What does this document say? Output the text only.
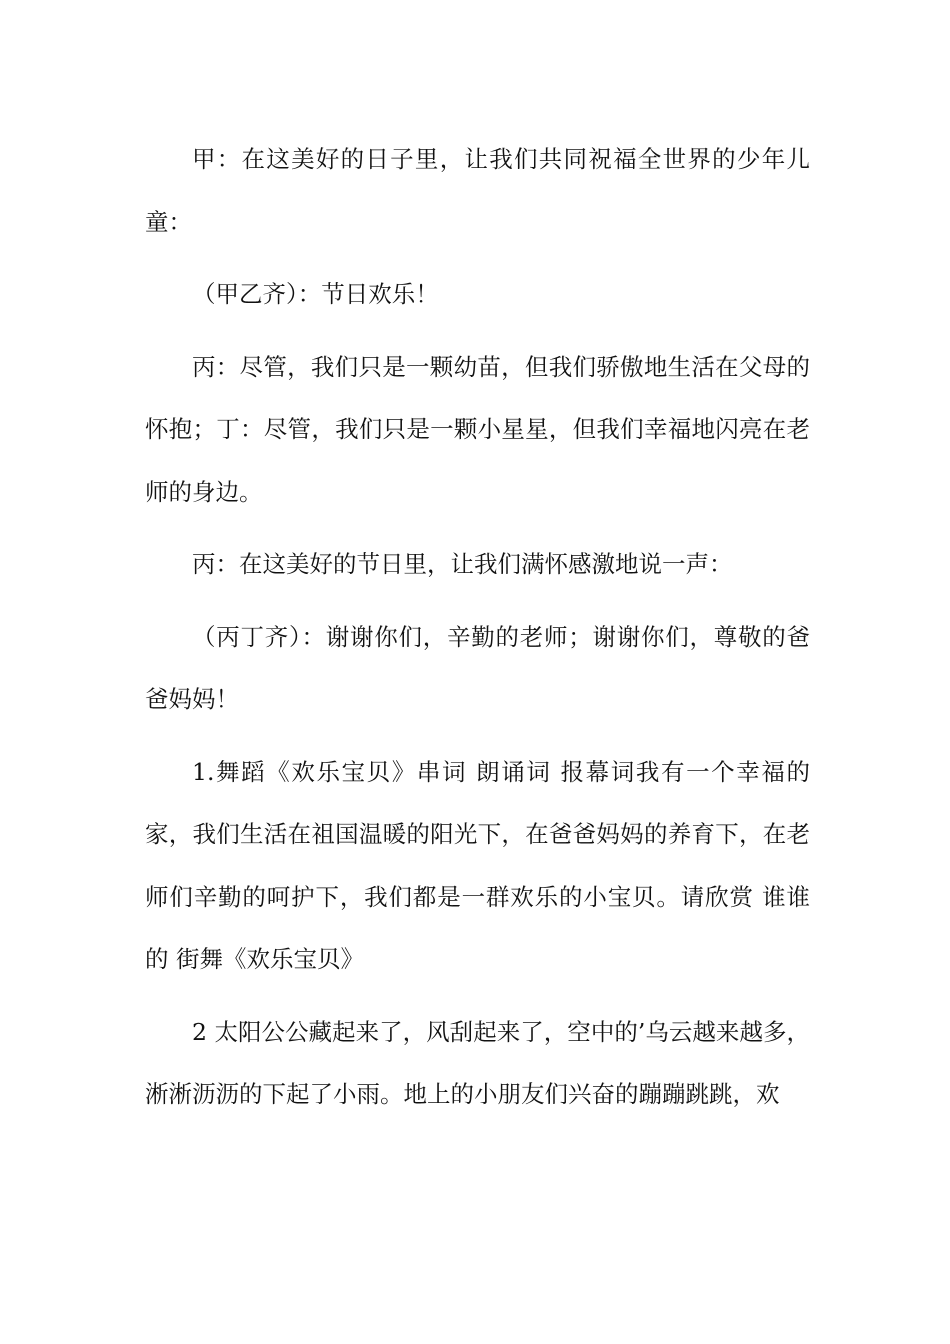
甲：在这美好的日子里，让我们共同祝福全世界的少年儿童：

（甲乙齐）：节日欢乐！

丙：尽管，我们只是一颗幼苗，但我们骄傲地生活在父母的怀抱；丁：尽管，我们只是一颗小星星，但我们幸福地闪亮在老师的身边。

丙：在这美好的节日里，让我们满怀感激地说一声：

（丙丁齐）：谢谢你们，辛勤的老师；谢谢你们，尊敬的爸爸妈妈！

1.舞蹈《欢乐宝贝》串词 朗诵词 报幕词我有一个幸福的家，我们生活在祖国温暖的阳光下，在爸爸妈妈的养育下，在老师们辛勤的呵护下，我们都是一群欢乐的小宝贝。请欣赏 谁谁的 街舞《欢乐宝贝》

2 太阳公公藏起来了，风刮起来了，空中的’乌云越来越多，淅淅沥沥的下起了小雨。地上的小朋友们兴奋的蹦蹦跳跳，欢
